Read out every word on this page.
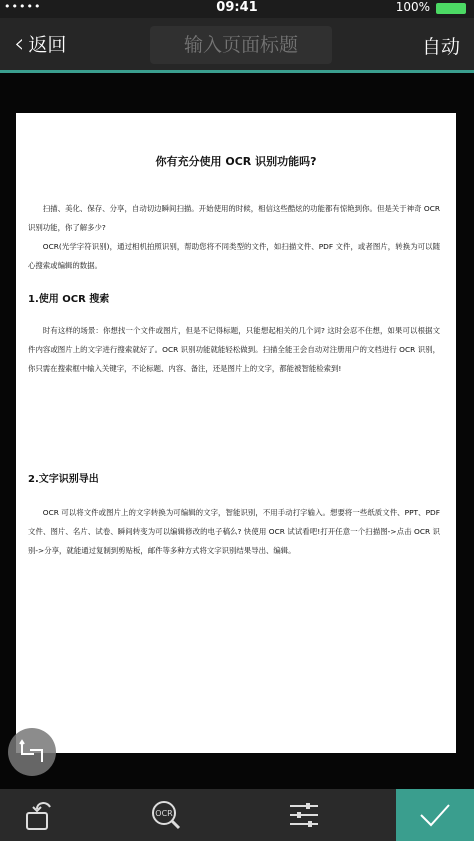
•••••	09:41	100%
‹ 返回
输入页面标题	自动
你有充分使用 OCR 识别功能吗?

扫描、美化、保存、分享，自动切边瞬间扫描。开始使用的时候，相信这些酷炫的功能都有惊艳到你。但是关于神奇 OCR 识别功能，你了解多少?

OCR(光学字符识别)，通过相机拍照识别，帮助您将不同类型的文件，如扫描文件、PDF 文件，或者图片，转换为可以随心搜索或编辑的数据。

1.使用 OCR 搜索

时有这样的场景：你想找一个文件或图片，但是不记得标题，只能想起相关的几个词? 这时会忍不住想，如果可以根据文件内容或图片上的文字进行搜索就好了。OCR 识别功能就能轻松做到。扫描全能王会自动对注册用户的文档进行 OCR 识别，你只需在搜索框中输入关键字，不论标题、内容、备注，还是图片上的文字，都能被智能检索到!

2.文字识别导出

OCR 可以将文件或图片上的文字转换为可编辑的文字，智能识别，不用手动打字输入。想要将一些纸质文件、PPT、PDF 文件、图片、名片、试卷、瞬间转变为可以编辑修改的电子稿么? 快使用 OCR 试试看吧!打开任意一个扫描图->点击 OCR 识别->分享，就能通过复制到剪贴板，邮件等多种方式将文字识别结果导出、编辑。

OCR
